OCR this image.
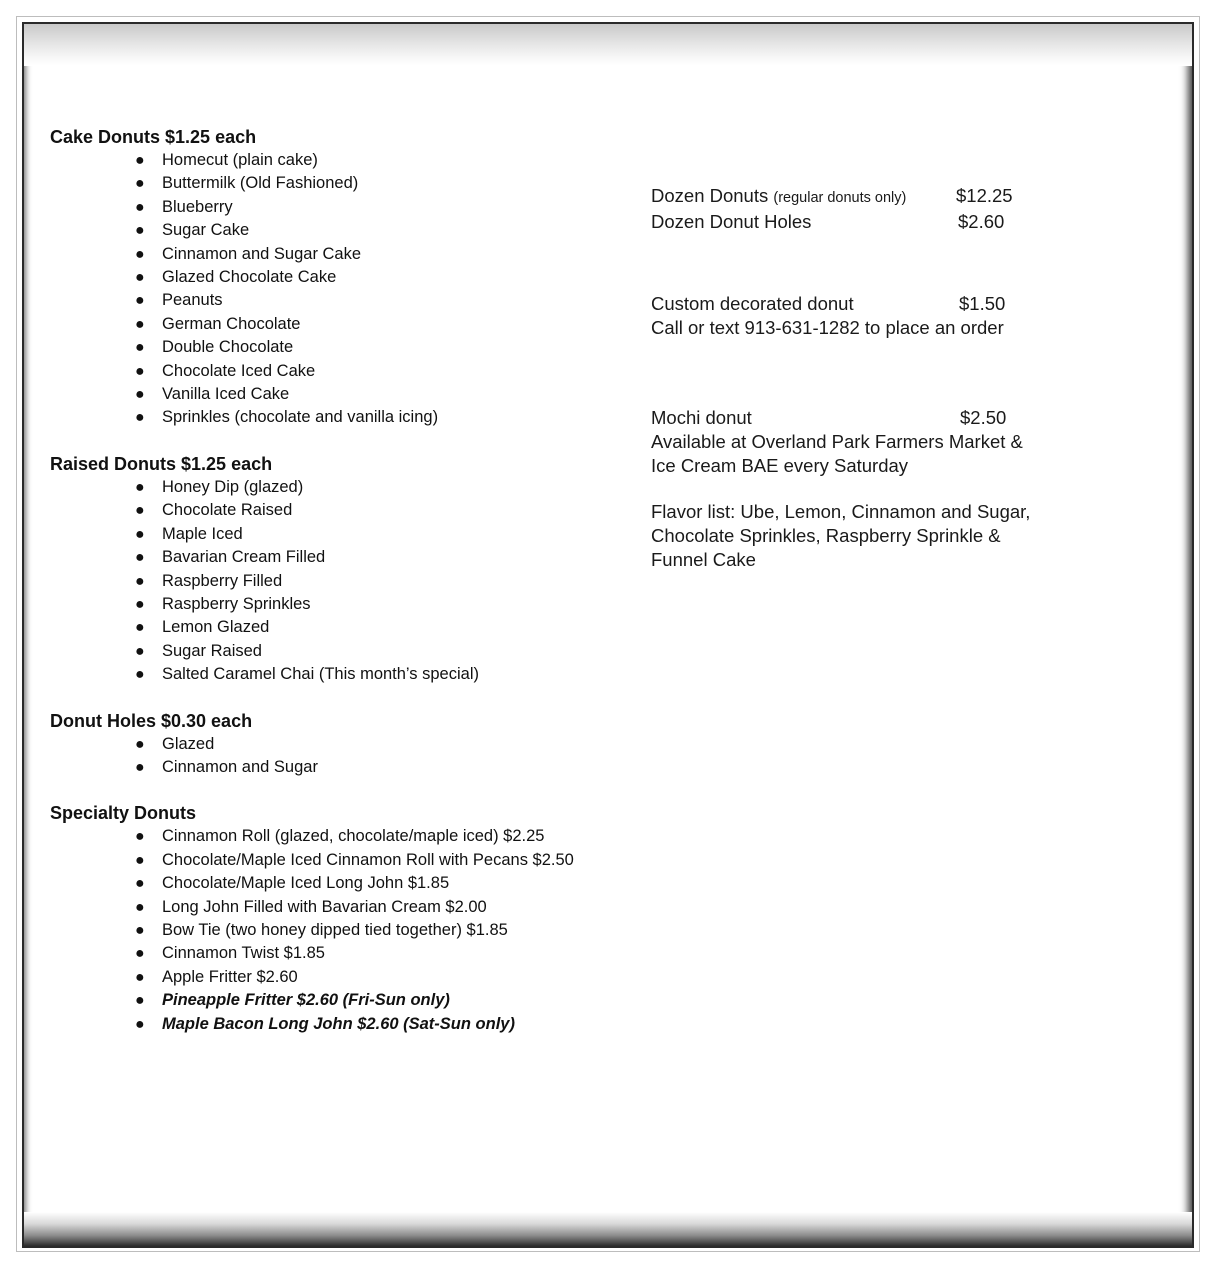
Cake Donuts $1.25 each

● Homecut (plain cake)
● Buttermilk (Old Fashioned)
● Blueberry
● Sugar Cake
● Cinnamon and Sugar Cake
● Glazed Chocolate Cake
● Peanuts
● German Chocolate
● Double Chocolate
● Chocolate Iced Cake
● Vanilla Iced Cake
● Sprinkles (chocolate and vanilla icing)

Raised Donuts $1.25 each

● Honey Dip (glazed)
● Chocolate Raised
● Maple Iced
● Bavarian Cream Filled
● Raspberry Filled
● Raspberry Sprinkles
● Lemon Glazed
● Sugar Raised
● Salted Caramel Chai (This month’s special)

Donut Holes $0.30 each

● Glazed
● Cinnamon and Sugar

Specialty Donuts

● Cinnamon Roll (glazed, chocolate/maple iced) $2.25
● Chocolate/Maple Iced Cinnamon Roll with Pecans $2.50
● Chocolate/Maple Iced Long John $1.85
● Long John Filled with Bavarian Cream $2.00
● Bow Tie (two honey dipped tied together) $1.85
● Cinnamon Twist $1.85
● Apple Fritter $2.60
● Pineapple Fritter $2.60 (Fri-Sun only)
● Maple Bacon Long John $2.60 (Sat-Sun only)
Dozen Donuts (regular donuts only)	$12.25
Dozen Donut Holes	$2.60
Custom decorated donut	$1.50
Call or text 913-631-1282 to place an order
Mochi donut	$2.50
Available at Overland Park Farmers Market &
Ice Cream BAE every Saturday
Flavor list: Ube, Lemon, Cinnamon and Sugar,
Chocolate Sprinkles, Raspberry Sprinkle &
Funnel Cake
